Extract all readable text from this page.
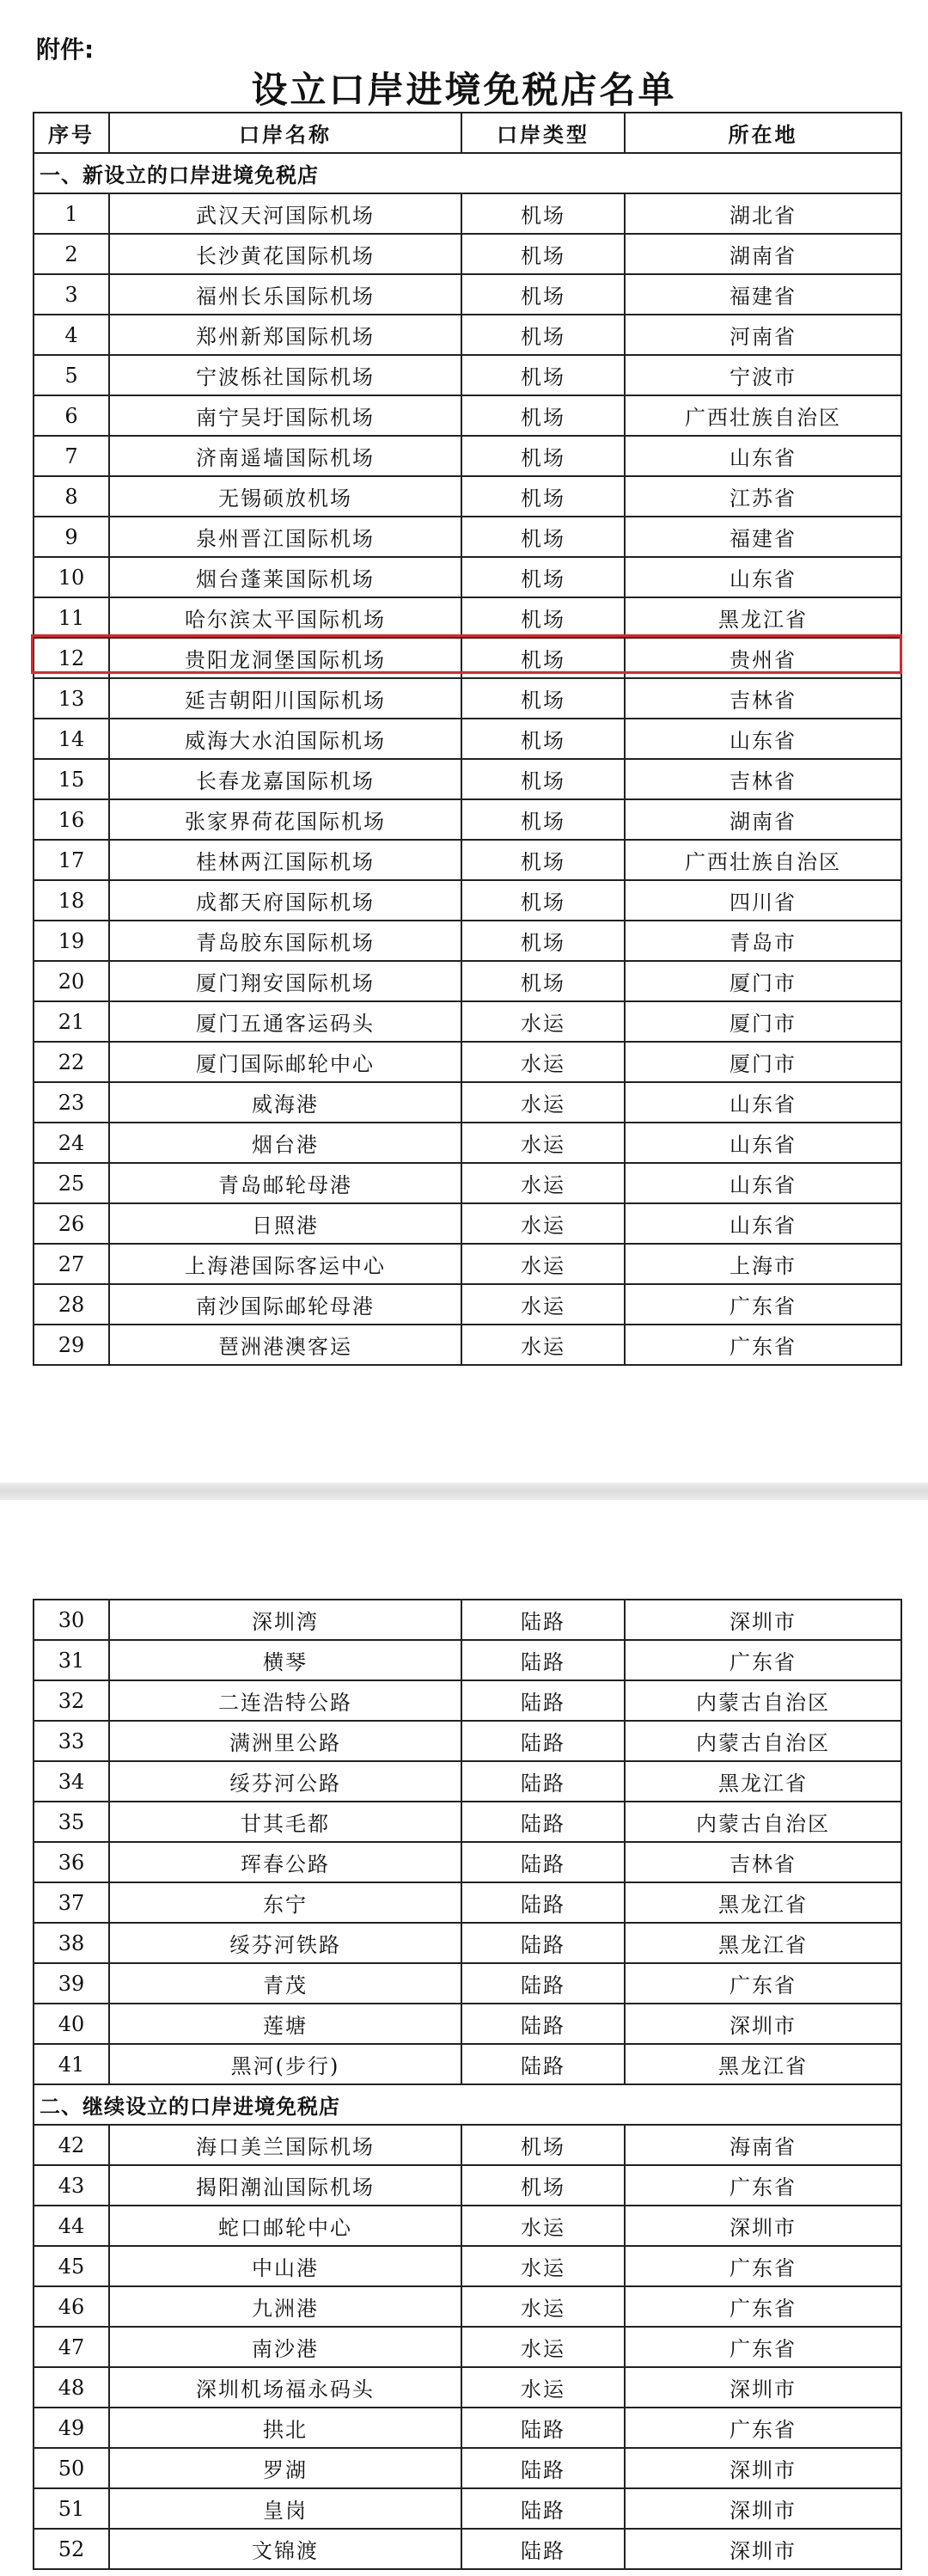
附件:
设立口岸进境免税店名单
序号	口岸名称	口岸类型	所在地
一、新设立的口岸进境免税店			
1	武汉天河国际机场	机场	湖北省
2	长沙黄花国际机场	机场	湖南省
3	福州长乐国际机场	机场	福建省
4	郑州新郑国际机场	机场	河南省
5	宁波栎社国际机场	机场	宁波市
6	南宁吴圩国际机场	机场	广西壮族自治区
7	济南遥墙国际机场	机场	山东省
8	无锡硕放机场	机场	江苏省
9	泉州晋江国际机场	机场	福建省
10	烟台蓬莱国际机场	机场	山东省
11	哈尔滨太平国际机场	机场	黑龙江省
12	贵阳龙洞堡国际机场	机场	贵州省
13	延吉朝阳川国际机场	机场	吉林省
14	威海大水泊国际机场	机场	山东省
15	长春龙嘉国际机场	机场	吉林省
16	张家界荷花国际机场	机场	湖南省
17	桂林两江国际机场	机场	广西壮族自治区
18	成都天府国际机场	机场	四川省
19	青岛胶东国际机场	机场	青岛市
20	厦门翔安国际机场	机场	厦门市
21	厦门五通客运码头	水运	厦门市
22	厦门国际邮轮中心	水运	厦门市
23	威海港	水运	山东省
24	烟台港	水运	山东省
25	青岛邮轮母港	水运	山东省
26	日照港	水运	山东省
27	上海港国际客运中心	水运	上海市
28	南沙国际邮轮母港	水运	广东省
29	琶洲港澳客运	水运	广东省
30	深圳湾	陆路	深圳市
31	横琴	陆路	广东省
32	二连浩特公路	陆路	内蒙古自治区
33	满洲里公路	陆路	内蒙古自治区
34	绥芬河公路	陆路	黑龙江省
35	甘其毛都	陆路	内蒙古自治区
36	珲春公路	陆路	吉林省
37	东宁	陆路	黑龙江省
38	绥芬河铁路	陆路	黑龙江省
39	青茂	陆路	广东省
40	莲塘	陆路	深圳市
41	黑河(步行)	陆路	黑龙江省
二、继续设立的口岸进境免税店			
42	海口美兰国际机场	机场	海南省
43	揭阳潮汕国际机场	机场	广东省
44	蛇口邮轮中心	水运	深圳市
45	中山港	水运	广东省
46	九洲港	水运	广东省
47	南沙港	水运	广东省
48	深圳机场福永码头	水运	深圳市
49	拱北	陆路	广东省
50	罗湖	陆路	深圳市
51	皇岗	陆路	深圳市
52	文锦渡	陆路	深圳市
